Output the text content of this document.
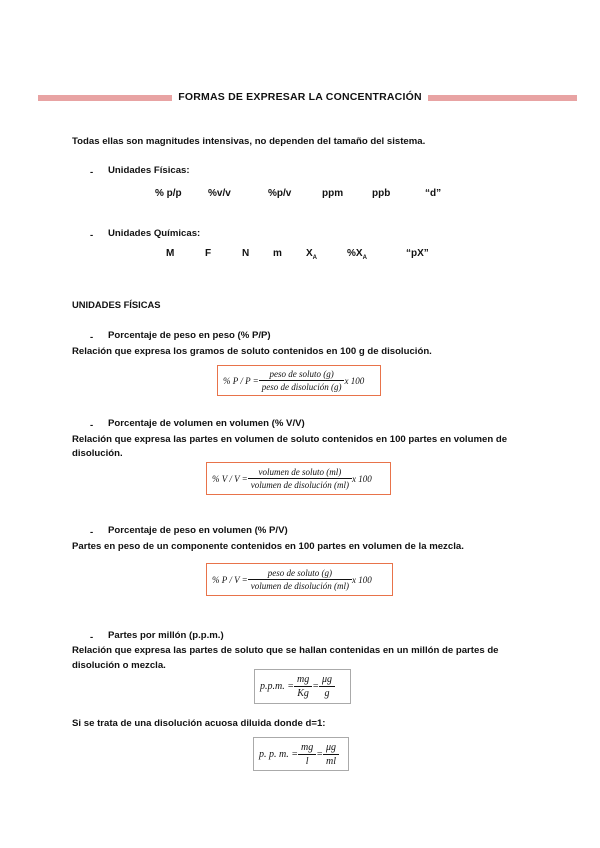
FORMAS DE EXPRESAR LA CONCENTRACIÓN
Todas ellas son magnitudes intensivas, no dependen del tamaño del sistema.
- Unidades Físicas:
% p/p	%v/v	%p/v	ppm	ppb	“d”
- Unidades Químicas:
M	F	N m $X_A$	$\%X_A$	“pX”
UNIDADES FÍSICAS
- Porcentaje de peso en peso (% P/P)
Relación que expresa los gramos de soluto contenidos en 100 g de disolución.
% $P / P = \frac{\text{peso de soluto (g)}}{\text{peso de disolución (g)}}$ x 100
- Porcentaje de volumen en volumen (% V/V)
Relación que expresa las partes en volumen de soluto contenidos en 100 partes en volumen de
disolución.
% $V / V = \frac{\text{volumen de soluto (ml)}}{\text{volumen de disolución (ml)}}$ x 100
- Porcentaje de peso en volumen (% P/V)
Partes en peso de un componente contenidos en 100 partes en volumen de la mezcla.
% $P / V = \frac{\text{peso de soluto (g)}}{\text{volumen de disolución (ml)}}$ x 100
- Partes por millón (p.p.m.)
Relación que expresa las partes de soluto que se hallan contenidas en un millón de partes de
disolución o mezcla.
p.p.m. = $\frac{mg}{Kg} = \frac{\mu g}{g}$
Si se trata de una disolución acuosa diluida donde d=1:
p. p. m. = $\frac{mg}{l} = \frac{\mu g}{ml}$
